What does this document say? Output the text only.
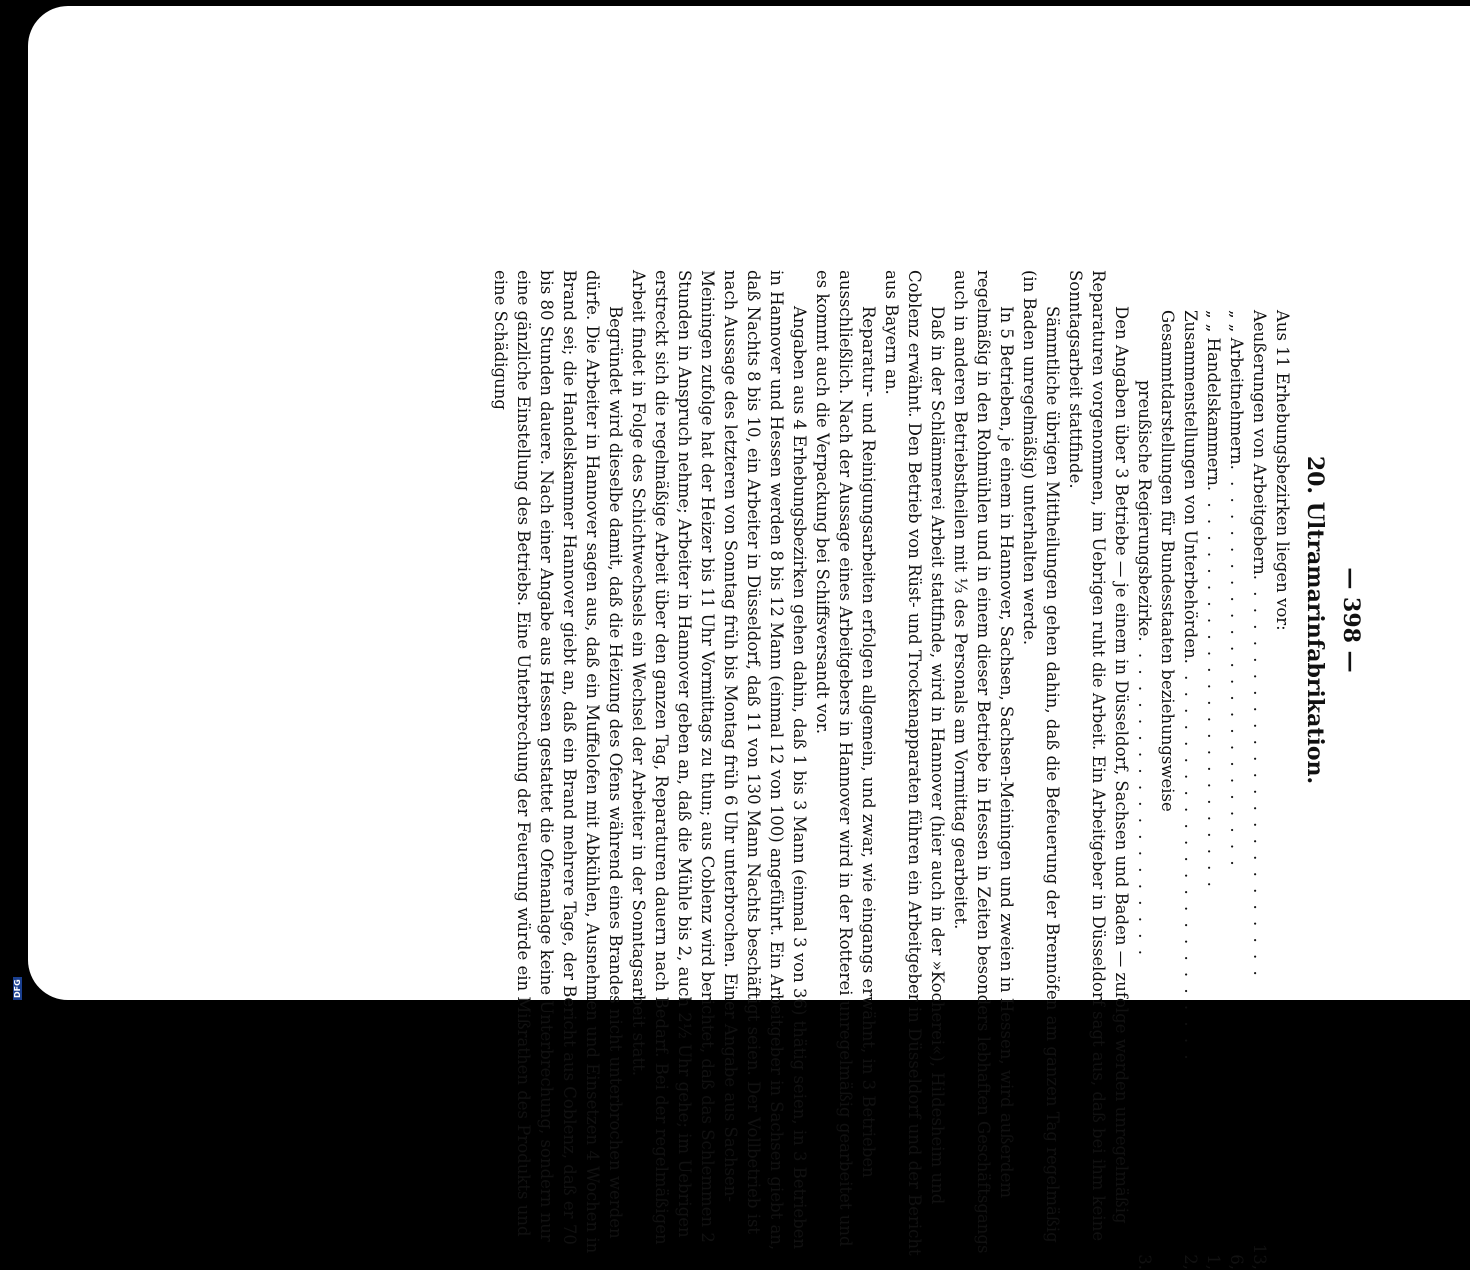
DFGDigitalisierung gefördert durch die Deutsche Forschungsgemeinschaft -	— 398 —
20. Ultramarinfabrikation.
Aus 11 Erhebungsbezirken liegen vor:
Aeußerungen von Arbeitgebern
. . . . . . . . . . . . . . . . . . . . . . . . .
13,
„ „ Arbeitnehmern
. . . . . . . . . . . . . . . . . . . . . . . . .
6,
„ „ Handelskammern
. . . . . . . . . . . . . . . . . . . . . . . . .
1,
Zusammenstellungen von Unterbehörden
. . . . . . . . . . . . . . . . . . . . . . . . .
2,
Gesammtdarstellungen für Bundesstaaten beziehungsweise
preußische Regierungsbezirke
. . . . . . . . . . . . . . . . . . . .
3.
Den Angaben über 3 Betriebe — je einem in Düsseldorf, Sachsen und Baden — zufolge werden unregelmäßig Reparaturen vorgenommen, im Uebrigen ruht die Arbeit. Ein Arbeitgeber in Düsseldorf sagt aus, daß bei ihm keine Sonntagsarbeit stattfinde.
Sämmtliche übrigen Mittheilungen gehen dahin, daß die Befeuerung der Brennöfen am ganzen Tag regelmäßig (in Baden unregelmäßig) unterhalten werde.
In 5 Betrieben, je einem in Hannover, Sachsen, Sachsen-Meiningen und zweien in Hessen, wird außerdem regelmäßig in den Rohmühlen und in einem dieser Betriebe in Hessen in Zeiten besonders lebhaften Geschäftsgangs auch in anderen Betriebstheilen mit ⅓ des Personals am Vormittag gearbeitet.
Daß in der Schlämmerei Arbeit stattfinde, wird in Hannover (hier auch in der »Kocherei«), Hildesheim und Coblenz erwähnt. Den Betrieb von Rüst- und Trockenapparaten führen ein Arbeitgeber in Düsseldorf und der Bericht aus Bayern an.
Reparatur- und Reinigungsarbeiten erfolgen allgemein, und zwar, wie eingangs erwähnt, in 3 Betrieben ausschließlich. Nach der Aussage eines Arbeitgebers in Hannover wird in der Rotterei unregelmäßig gearbeitet und es kommt auch die Verpackung bei Schiffsversandt vor.
Angaben aus 4 Erhebungsbezirken gehen dahin, daß 1 bis 3 Mann (einmal 3 von 36) thätig seien, in 3 Betrieben in Hannover und Hessen werden 8 bis 12 Mann (einmal 12 von 100) angeführt. Ein Arbeitgeber in Sachsen giebt an, daß Nachts 8 bis 10, ein Arbeiter in Düsseldorf, daß 11 von 130 Mann Nachts beschäftigt seien. Der Vollbetrieb ist nach Aussage des letzteren von Sonntag früh bis Montag früh 6 Uhr unterbrochen. Einer Angabe aus Sachsen-Meiningen zufolge hat der Heizer bis 11 Uhr Vormittags zu thun; aus Coblenz wird berichtet, daß das Schlemmen 2 Stunden in Anspruch nehme; Arbeiter in Hannover geben an, daß die Mühle bis 2, auch 2½ Uhr gehe; im Uebrigen erstreckt sich die regelmäßige Arbeit über den ganzen Tag, Reparaturen dauern nach Bedarf. Bei der regelmäßigen Arbeit findet in Folge des Schichtwechsels ein Wechsel der Arbeiter in der Sonntagsarbeit statt.
Begründet wird dieselbe damit, daß die Heizung des Ofens während eines Brandes nicht unterbrochen werden dürfe. Die Arbeiter in Hannover sagen aus, daß ein Muffelofen mit Abkühlen, Ausnehmen und Einsetzen 4 Wochen in Brand sei; die Handelskammer Hannover giebt an, daß ein Brand mehrere Tage, der Bericht aus Coblenz, daß er 70 bis 80 Stunden dauere. Nach einer Angabe aus Hessen gestattet die Ofenanlage keine Unterbrechung, sondern nur eine gänzliche Einstellung des Betriebs. Eine Unterbrechung der Feuerung würde ein Mißrathen des Produkts und eine Schädigung
